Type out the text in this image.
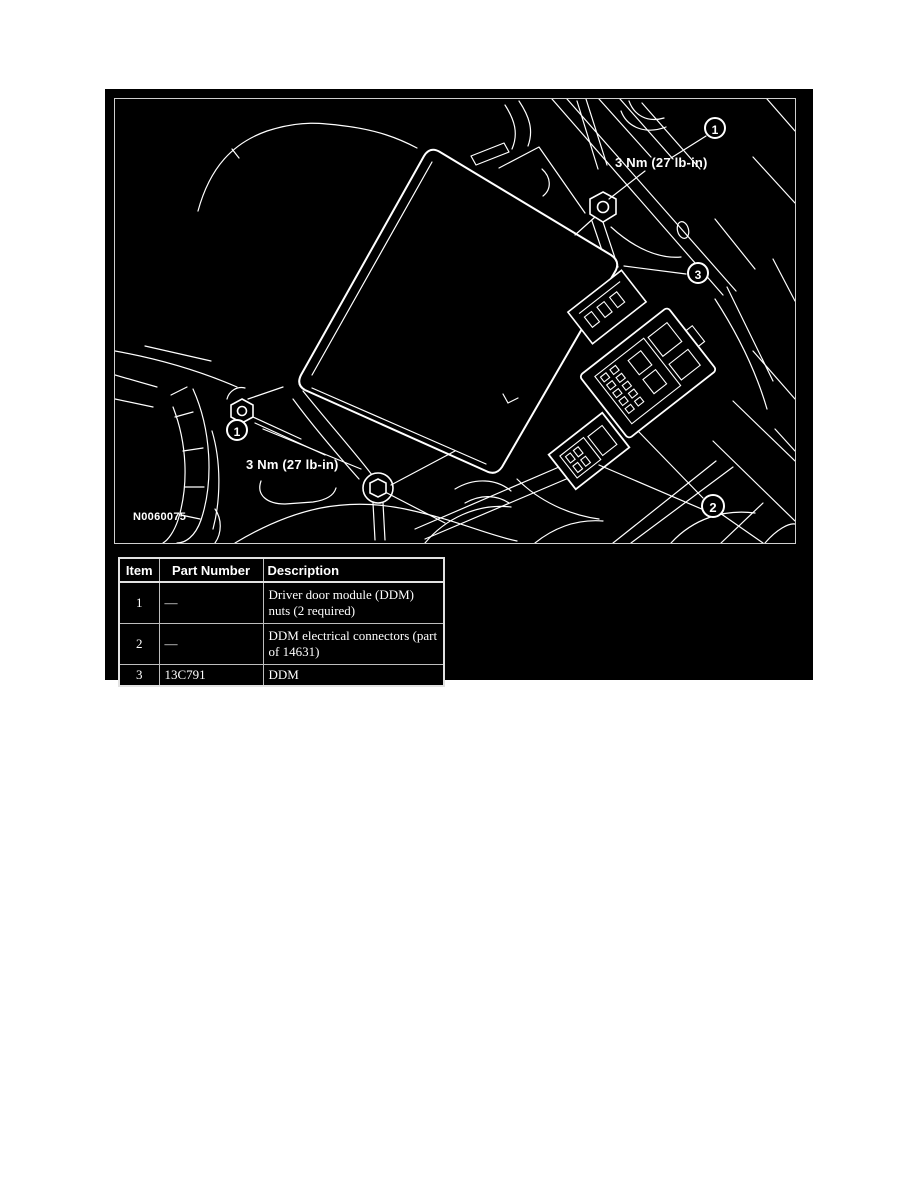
3 Nm (27 lb-in)
3 Nm (27 lb-in)
N0060075
1
3
1
2
Item	Part Number	Description
1	—	Driver door module (DDM) nuts (2 required)
2	—	DDM electrical connectors (part of 14631)
3	13C791	DDM
